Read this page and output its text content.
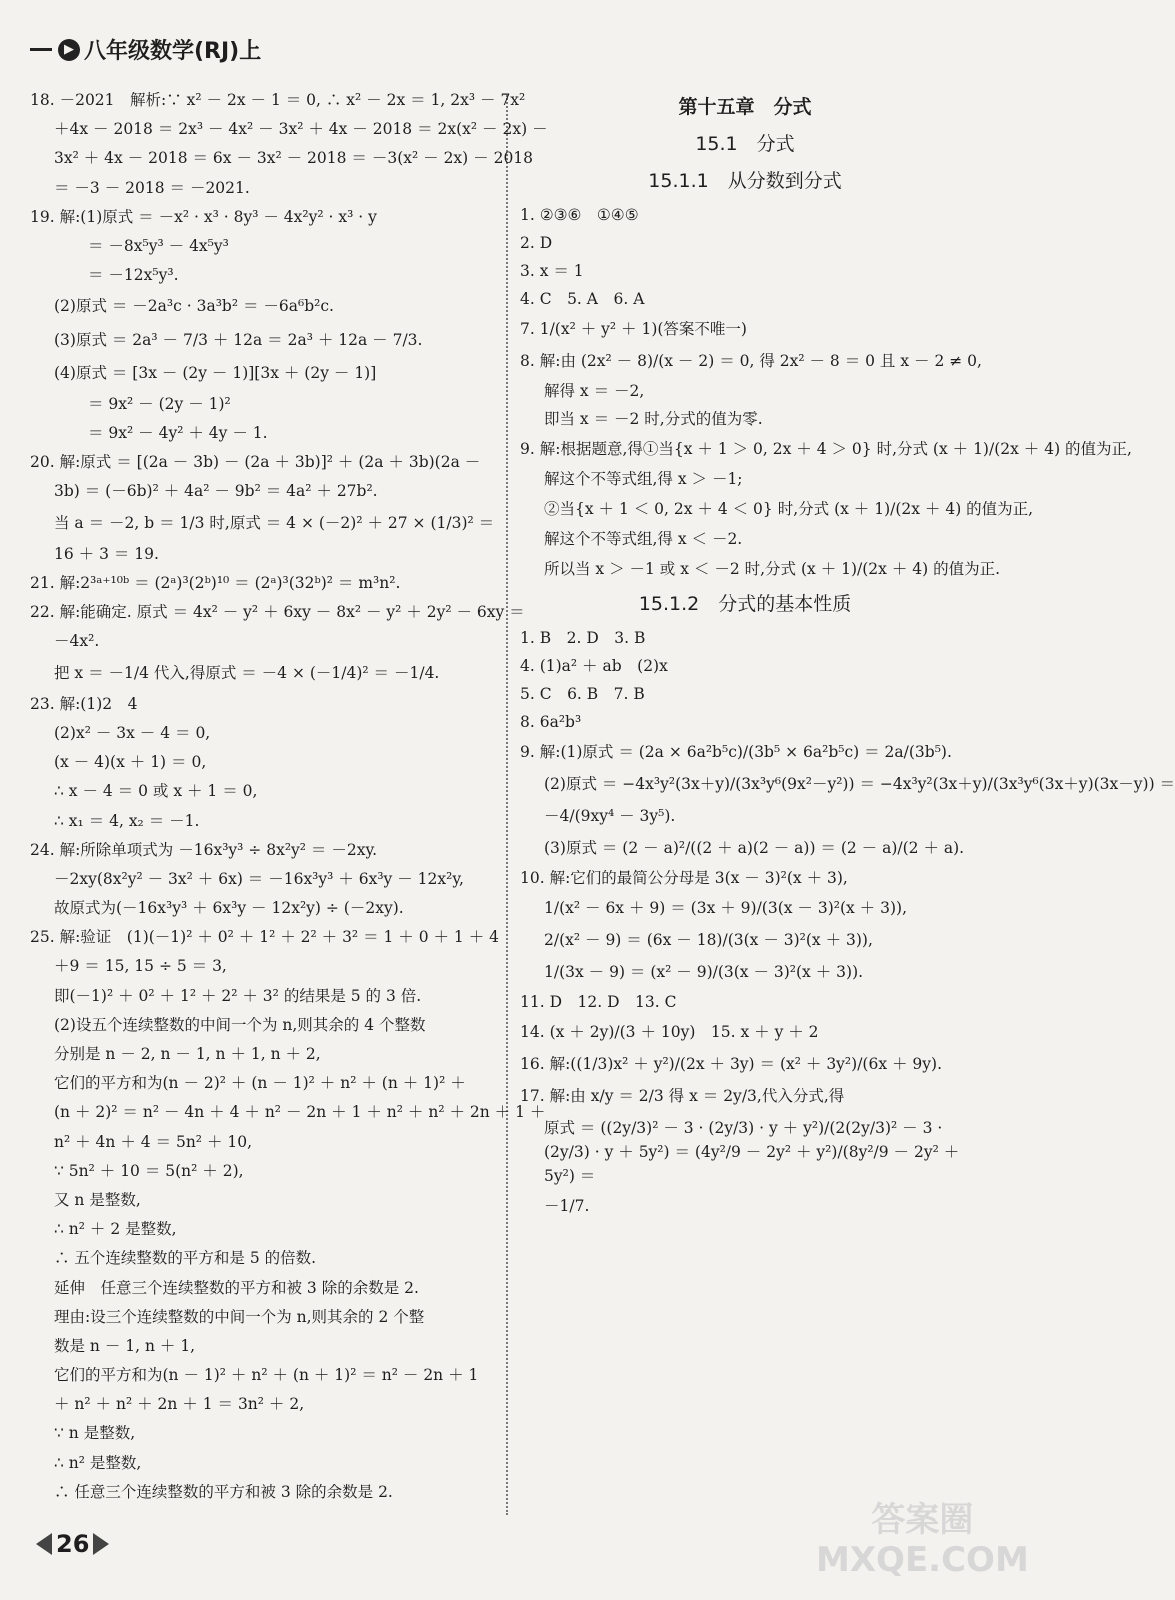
▶ 八年级数学(RJ)上
18. －2021　解析:∵ x² － 2x － 1 ＝ 0, ∴ x² － 2x ＝ 1, 2x³ － 7x²
＋4x － 2018 ＝ 2x³ － 4x² － 3x² ＋ 4x － 2018 ＝ 2x(x² － 2x) －
3x² ＋ 4x － 2018 ＝ 6x － 3x² － 2018 ＝ －3(x² － 2x) － 2018
＝ －3 － 2018 ＝ －2021.
19. 解:(1)原式 ＝ －x² · x³ · 8y³ － 4x²y² · x³ · y
＝ －8x⁵y³ － 4x⁵y³
＝ －12x⁵y³.
(2)原式 ＝ －2a³c · 3a³b² ＝ －6a⁶b²c.
(3)原式 ＝ 2a³ － 7/3 ＋ 12a ＝ 2a³ ＋ 12a － 7/3.
(4)原式 ＝ [3x － (2y － 1)][3x ＋ (2y － 1)]
＝ 9x² － (2y － 1)²
＝ 9x² － 4y² ＋ 4y － 1.
20. 解:原式 ＝ [(2a － 3b) － (2a ＋ 3b)]² ＋ (2a ＋ 3b)(2a －
3b) ＝ (－6b)² ＋ 4a² － 9b² ＝ 4a² ＋ 27b².
当 a ＝ －2, b ＝ 1/3 时,原式 ＝ 4 × (－2)² ＋ 27 × (1/3)² ＝
16 ＋ 3 ＝ 19.
21. 解:2³ᵃ⁺¹⁰ᵇ ＝ (2ᵃ)³(2ᵇ)¹⁰ ＝ (2ᵃ)³(32ᵇ)² ＝ m³n².
22. 解:能确定. 原式 ＝ 4x² － y² ＋ 6xy － 8x² － y² ＋ 2y² － 6xy ＝
－4x².
把 x ＝ －1/4 代入,得原式 ＝ －4 × (－1/4)² ＝ －1/4.
23. 解:(1)2　4
(2)x² － 3x － 4 ＝ 0,
(x － 4)(x ＋ 1) ＝ 0,
∴ x － 4 ＝ 0 或 x ＋ 1 ＝ 0,
∴ x₁ ＝ 4, x₂ ＝ －1.
24. 解:所除单项式为 －16x³y³ ÷ 8x²y² ＝ －2xy.
－2xy(8x²y² － 3x² ＋ 6x) ＝ －16x³y³ ＋ 6x³y － 12x²y,
故原式为(－16x³y³ ＋ 6x³y － 12x²y) ÷ (－2xy).
25. 解:验证　(1)(－1)² ＋ 0² ＋ 1² ＋ 2² ＋ 3² ＝ 1 ＋ 0 ＋ 1 ＋ 4
＋9 ＝ 15, 15 ÷ 5 ＝ 3,
即(－1)² ＋ 0² ＋ 1² ＋ 2² ＋ 3² 的结果是 5 的 3 倍.
(2)设五个连续整数的中间一个为 n,则其余的 4 个整数
分别是 n － 2, n － 1, n ＋ 1, n ＋ 2,
它们的平方和为(n － 2)² ＋ (n － 1)² ＋ n² ＋ (n ＋ 1)² ＋
(n ＋ 2)² ＝ n² － 4n ＋ 4 ＋ n² － 2n ＋ 1 ＋ n² ＋ n² ＋ 2n ＋ 1 ＋
n² ＋ 4n ＋ 4 ＝ 5n² ＋ 10,
∵ 5n² ＋ 10 ＝ 5(n² ＋ 2),
又 n 是整数,
∴ n² ＋ 2 是整数,
∴ 五个连续整数的平方和是 5 的倍数.
延伸　任意三个连续整数的平方和被 3 除的余数是 2.
理由:设三个连续整数的中间一个为 n,则其余的 2 个整
数是 n － 1, n ＋ 1,
它们的平方和为(n － 1)² ＋ n² ＋ (n ＋ 1)² ＝ n² － 2n ＋ 1
＋ n² ＋ n² ＋ 2n ＋ 1 ＝ 3n² ＋ 2,
∵ n 是整数,
∴ n² 是整数,
∴ 任意三个连续整数的平方和被 3 除的余数是 2.
第十五章　分式
15.1　分式
15.1.1　从分数到分式
1. ②③⑥　①④⑤
2. D
3. x ＝ 1
4. C　5. A　6. A
7. 1/(x² ＋ y² ＋ 1)(答案不唯一)
8. 解:由 (2x² － 8)/(x － 2) ＝ 0, 得 2x² － 8 ＝ 0 且 x － 2 ≠ 0,
解得 x ＝ －2,
即当 x ＝ －2 时,分式的值为零.
9. 解:根据题意,得①当{x ＋ 1 ＞ 0, 2x ＋ 4 ＞ 0} 时,分式 (x ＋ 1)/(2x ＋ 4) 的值为正,
解这个不等式组,得 x ＞ －1;
②当{x ＋ 1 ＜ 0, 2x ＋ 4 ＜ 0} 时,分式 (x ＋ 1)/(2x ＋ 4) 的值为正,
解这个不等式组,得 x ＜ －2.
所以当 x ＞ －1 或 x ＜ －2 时,分式 (x ＋ 1)/(2x ＋ 4) 的值为正.
15.1.2　分式的基本性质
1. B　2. D　3. B
4. (1)a² ＋ ab　(2)x
5. C　6. B　7. B
8. 6a²b³
9. 解:(1)原式 ＝ (2a × 6a²b⁵c)/(3b⁵ × 6a²b⁵c) ＝ 2a/(3b⁵).
(2)原式 ＝ −4x³y²(3x＋y)/(3x³y⁶(9x²－y²)) ＝ −4x³y²(3x＋y)/(3x³y⁶(3x＋y)(3x－y)) ＝
－4/(9xy⁴ － 3y⁵).
(3)原式 ＝ (2 － a)²/((2 ＋ a)(2 － a)) ＝ (2 － a)/(2 ＋ a).
10. 解:它们的最简公分母是 3(x － 3)²(x ＋ 3),
1/(x² － 6x ＋ 9) ＝ (3x ＋ 9)/(3(x － 3)²(x ＋ 3)),
2/(x² － 9) ＝ (6x － 18)/(3(x － 3)²(x ＋ 3)),
1/(3x － 9) ＝ (x² － 9)/(3(x － 3)²(x ＋ 3)).
11. D　12. D　13. C
14. (x ＋ 2y)/(3 ＋ 10y)　15. x ＋ y ＋ 2
16. 解:((1/3)x² ＋ y²)/(2x ＋ 3y) ＝ (x² ＋ 3y²)/(6x ＋ 9y).
17. 解:由 x/y ＝ 2/3 得 x ＝ 2y/3,代入分式,得
原式 ＝ ((2y/3)² － 3 · (2y/3) · y ＋ y²)/(2(2y/3)² － 3 · (2y/3) · y ＋ 5y²) ＝ (4y²/9 － 2y² ＋ y²)/(8y²/9 － 2y² ＋ 5y²) ＝
－1/7.
26
答案圈
MXQE.COM
